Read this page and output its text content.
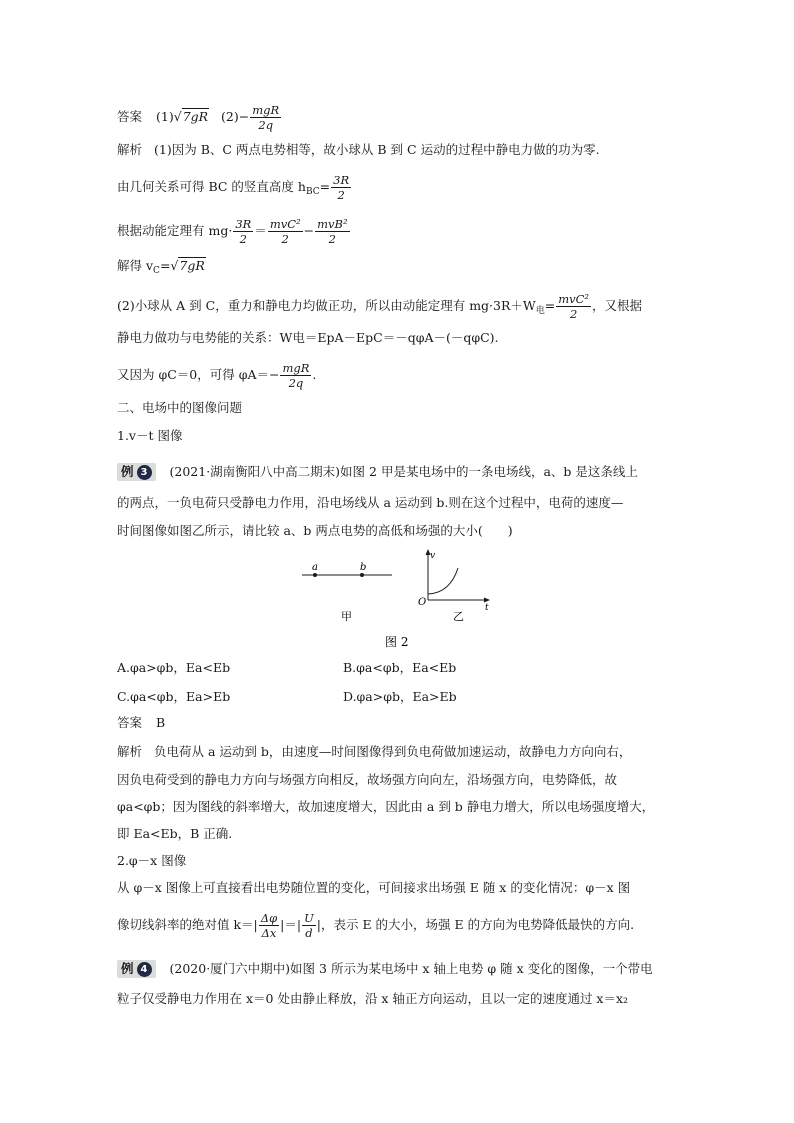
答案 (1)√7gR $(2)- \frac{\text{mgR}}{2q}$
解析 (1)因为 B、C 两点电势相等，故小球从 B 到 C 运动的过程中静电力做的功为零.
由几何关系可得 BC 的竖直高度 $h_{BC}= \frac{3R}{2}$
根据动能定理有 $mg\cdot \frac{3R}{2} = \frac{\text{mvC²}}{2} - \frac{\text{mvB²}}{2}$
解得 $v_C=√7gR$
(2)小球从 A 到 C，重力和静电力均做正功，所以由动能定理有 $mg\cdot 3R+W_电= \frac{\text{mvC²}}{2}$ ，又根据
静电力做功与电势能的关系：W电＝EpA－EpC＝－qφA－(－qφC).
又因为 φC＝0，可得 $\varphi A=- \frac{\text{mgR}}{2q}$ .
二、电场中的图像问题
1.v－t 图像
例 3 (2021·湖南衡阳八中高二期末)如图 2 甲是某电场中的一条电场线，a、b 是这条线上
的两点，一负电荷只受静电力作用，沿电场线从 a 运动到 b.则在这个过程中，电荷的速度—
时间图像如图乙所示，请比较 a、b 两点电势的高低和场强的大小(　　)
a	b
甲
v
t
O
乙
图 2
A.φa>φb，Ea<Eb	B.φa<φb，Ea<Eb
C.φa<φb，Ea>Eb	D.φa>φb，Ea>Eb
答案 B
解析 负电荷从 a 运动到 b，由速度—时间图像得到负电荷做加速运动，故静电力方向向右，
因负电荷受到的静电力方向与场强方向相反，故场强方向向左，沿场强方向，电势降低，故
φa<φb；因为图线的斜率增大，故加速度增大，因此由 a 到 b 静电力增大，所以电场强度增大，
即 Ea<Eb，B 正确.
2.φ－x 图像
从 φ－x 图像上可直接看出电势随位置的变化，可间接求出场强 E 随 x 的变化情况：φ－x 图
像切线斜率的绝对值 $k=| \frac{\Delta\varphi}{\Delta x}$ |＝| $\frac{U}{d}$ |，表示 E 的大小，场强 E 的方向为电势降低最快的方向.
例 4 (2020·厦门六中期中)如图 3 所示为某电场中 x 轴上电势 φ 随 x 变化的图像，一个带电
粒子仅受静电力作用在 x＝0 处由静止释放，沿 x 轴正方向运动，且以一定的速度通过 x＝x₂
